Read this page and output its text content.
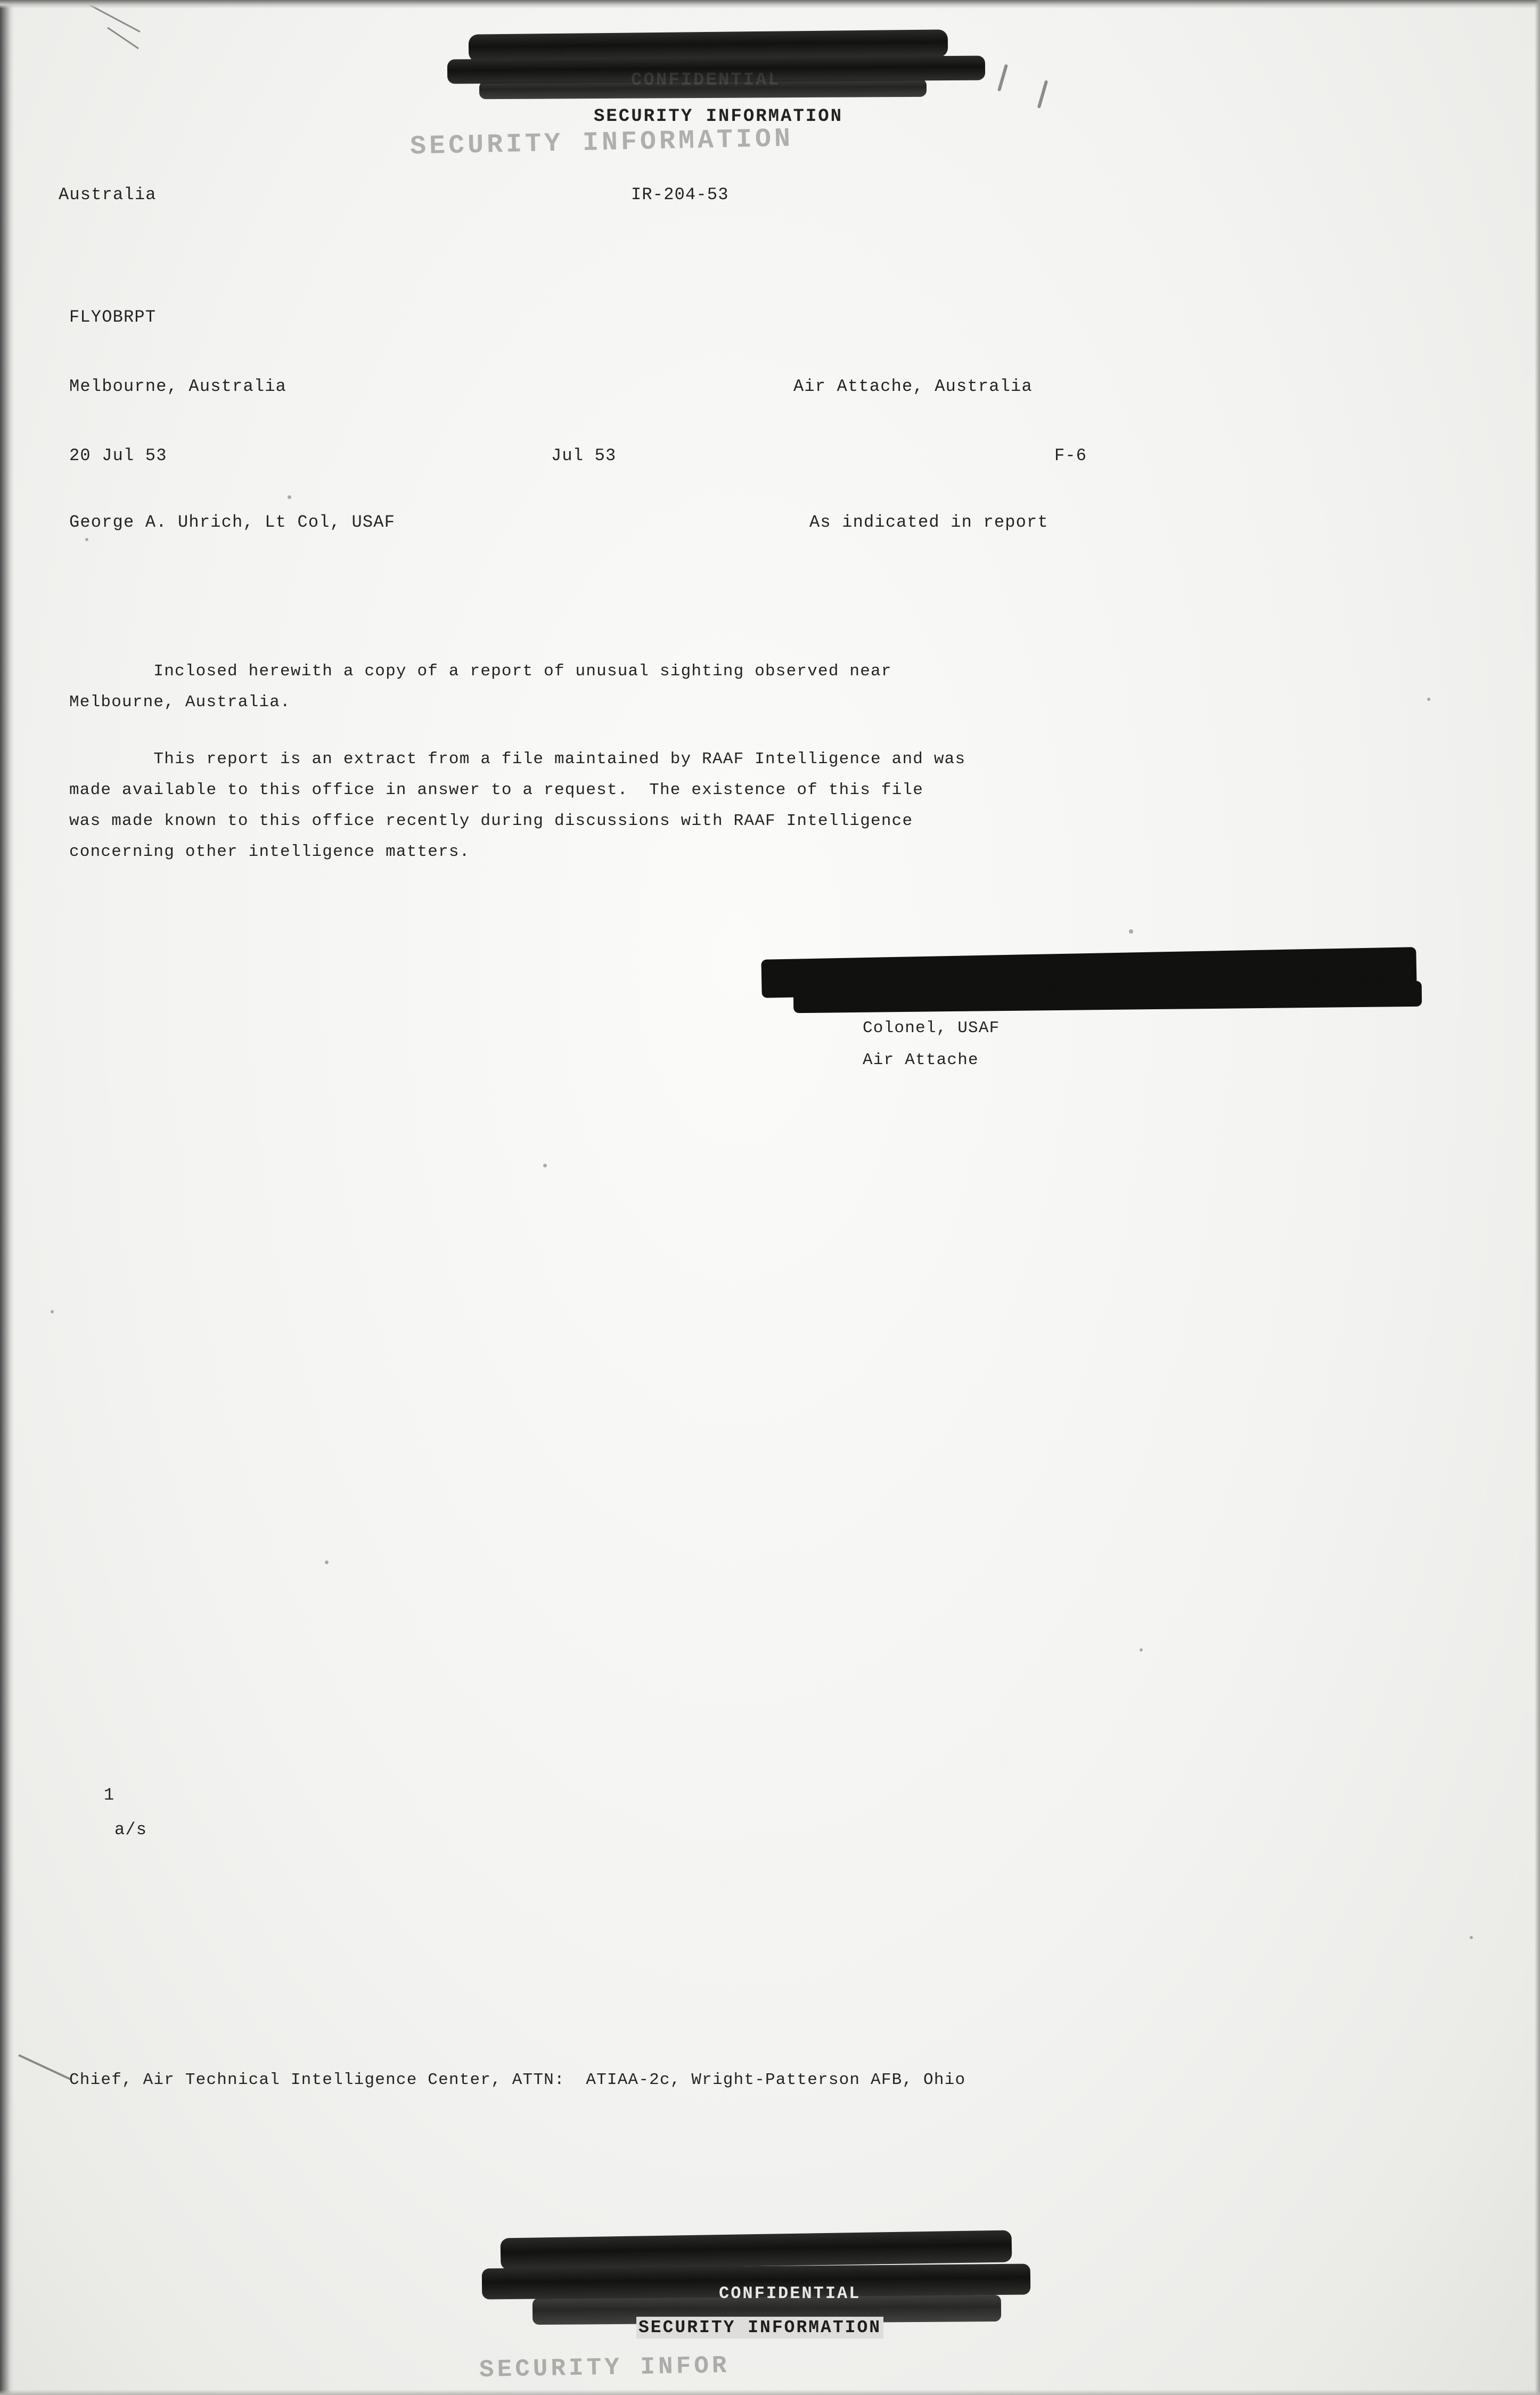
CONFIDENTIAL
SECURITY INFORMATION
SECURITY INFORMATION
Australia	IR-204-53
FLYOBRPT
Melbourne, Australia	Air Attache, Australia
20 Jul 53	Jul 53	F-6
George A. Uhrich, Lt Col, USAF	As indicated in report
Inclosed herewith a copy of a report of unusual sighting observed near
Melbourne, Australia.
This report is an extract from a file maintained by RAAF Intelligence and was
made available to this office in answer to a request.  The existence of this file
was made known to this office recently during discussions with RAAF Intelligence
concerning other intelligence matters.
Colonel, USAF
Air Attache
1
a/s
Chief, Air Technical Intelligence Center, ATTN:  ATIAA-2c, Wright-Patterson AFB, Ohio
CONFIDENTIAL
SECURITY INFORMATION
SECURITY INFOR
